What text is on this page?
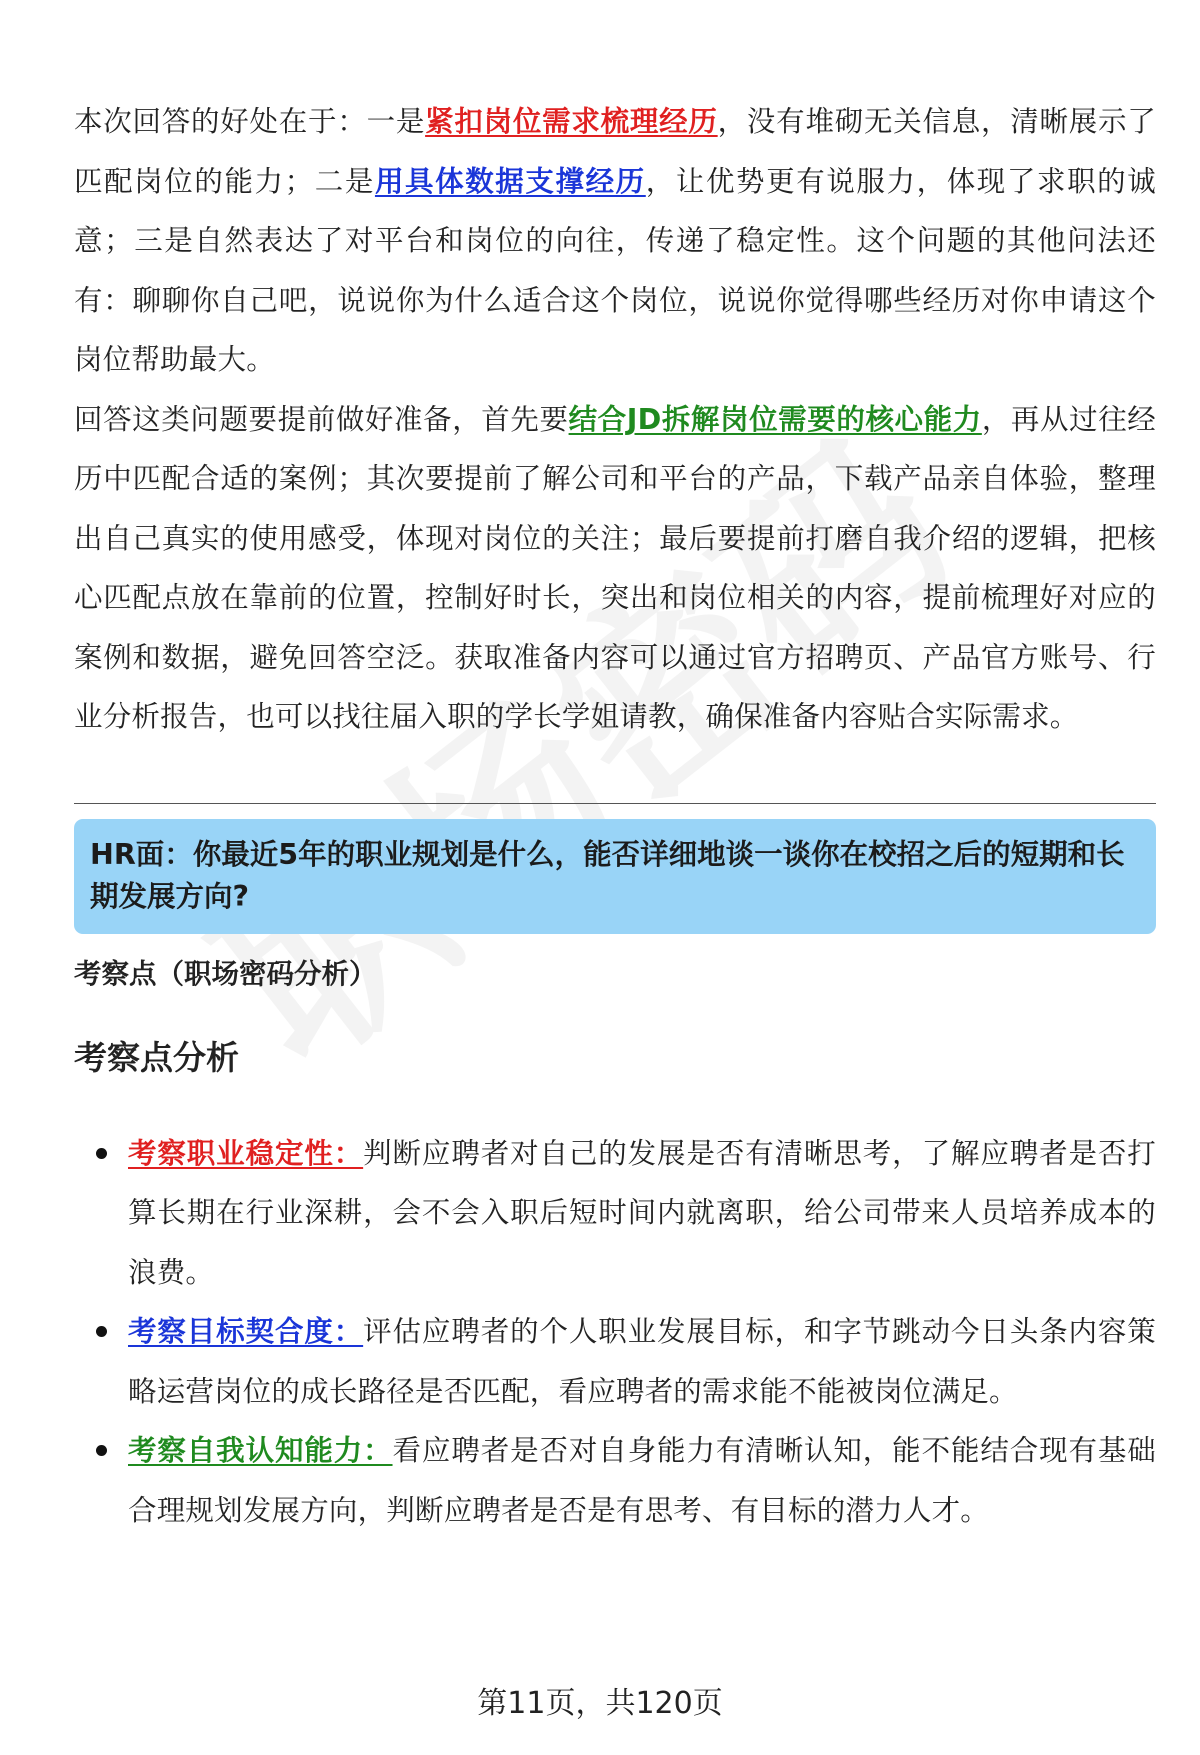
本次回答的好处在于：一是紧扣岗位需求梳理经历，没有堆砌无关信息，清晰展示了匹配岗位的能力；二是用具体数据支撑经历，让优势更有说服力，体现了求职的诚意；三是自然表达了对平台和岗位的向往，传递了稳定性。这个问题的其他问法还有：聊聊你自己吧，说说你为什么适合这个岗位，说说你觉得哪些经历对你申请这个岗位帮助最大。

回答这类问题要提前做好准备，首先要结合JD拆解岗位需要的核心能力，再从过往经历中匹配合适的案例；其次要提前了解公司和平台的产品，下载产品亲自体验，整理出自己真实的使用感受，体现对岗位的关注；最后要提前打磨自我介绍的逻辑，把核心匹配点放在靠前的位置，控制好时长，突出和岗位相关的内容，提前梳理好对应的案例和数据，避免回答空泛。获取准备内容可以通过官方招聘页、产品官方账号、行业分析报告，也可以找往届入职的学长学姐请教，确保准备内容贴合实际需求。

HR面：你最近5年的职业规划是什么，能否详细地谈一谈你在校招之后的短期和长期发展方向?
考察点（职场密码分析）
考察点分析
考察职业稳定性：判断应聘者对自己的发展是否有清晰思考，了解应聘者是否打算长期在行业深耕，会不会入职后短时间内就离职，给公司带来人员培养成本的浪费。
考察目标契合度：评估应聘者的个人职业发展目标，和字节跳动今日头条内容策略运营岗位的成长路径是否匹配，看应聘者的需求能不能被岗位满足。
考察自我认知能力：看应聘者是否对自身能力有清晰认知，能不能结合现有基础合理规划发展方向，判断应聘者是否是有思考、有目标的潜力人才。
第11页，共120页
